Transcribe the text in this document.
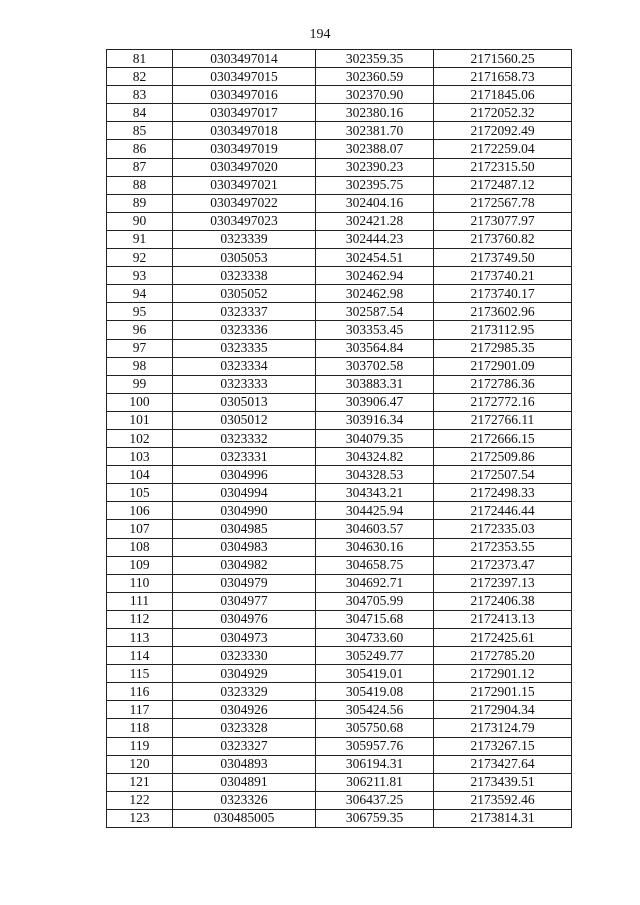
194
81	0303497014	302359.35	2171560.25
82	0303497015	302360.59	2171658.73
83	0303497016	302370.90	2171845.06
84	0303497017	302380.16	2172052.32
85	0303497018	302381.70	2172092.49
86	0303497019	302388.07	2172259.04
87	0303497020	302390.23	2172315.50
88	0303497021	302395.75	2172487.12
89	0303497022	302404.16	2172567.78
90	0303497023	302421.28	2173077.97
91	0323339	302444.23	2173760.82
92	0305053	302454.51	2173749.50
93	0323338	302462.94	2173740.21
94	0305052	302462.98	2173740.17
95	0323337	302587.54	2173602.96
96	0323336	303353.45	2173112.95
97	0323335	303564.84	2172985.35
98	0323334	303702.58	2172901.09
99	0323333	303883.31	2172786.36
100	0305013	303906.47	2172772.16
101	0305012	303916.34	2172766.11
102	0323332	304079.35	2172666.15
103	0323331	304324.82	2172509.86
104	0304996	304328.53	2172507.54
105	0304994	304343.21	2172498.33
106	0304990	304425.94	2172446.44
107	0304985	304603.57	2172335.03
108	0304983	304630.16	2172353.55
109	0304982	304658.75	2172373.47
110	0304979	304692.71	2172397.13
111	0304977	304705.99	2172406.38
112	0304976	304715.68	2172413.13
113	0304973	304733.60	2172425.61
114	0323330	305249.77	2172785.20
115	0304929	305419.01	2172901.12
116	0323329	305419.08	2172901.15
117	0304926	305424.56	2172904.34
118	0323328	305750.68	2173124.79
119	0323327	305957.76	2173267.15
120	0304893	306194.31	2173427.64
121	0304891	306211.81	2173439.51
122	0323326	306437.25	2173592.46
123	030485005	306759.35	2173814.31
